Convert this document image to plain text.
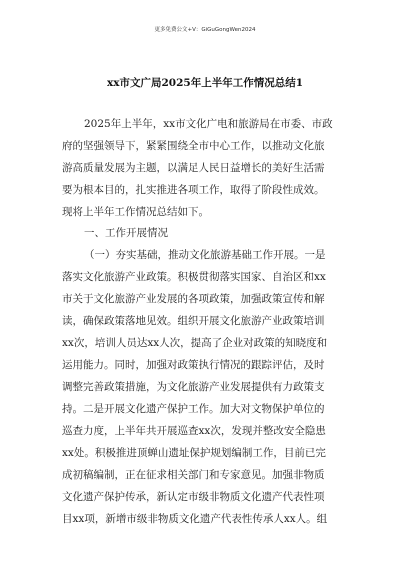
更多免费公文+V：GiGuGongWen2024
xx市文广局2025年上半年工作情况总结1
2025年上半年，xx市文化广电和旅游局在市委、市政
府的坚强领导下，紧紧围绕全市中心工作，以推动文化旅
游高质量发展为主题，以满足人民日益增长的美好生活需
要为根本目的，扎实推进各项工作，取得了阶段性成效。
现将上半年工作情况总结如下。
一、工作开展情况
（一）夯实基础，推动文化旅游基础工作开展。一是
落实文化旅游产业政策。积极贯彻落实国家、自治区和xx
市关于文化旅游产业发展的各项政策，加强政策宣传和解
读，确保政策落地见效。组织开展文化旅游产业政策培训
xx次，培训人员达xx人次，提高了企业对政策的知晓度和
运用能力。同时，加强对政策执行情况的跟踪评估，及时
调整完善政策措施，为文化旅游产业发展提供有力政策支
持。二是开展文化遗产保护工作。加大对文物保护单位的
巡查力度，上半年共开展巡查xx次，发现并整改安全隐患
xx处。积极推进顶蝉山遗址保护规划编制工作，目前已完
成初稿编制，正在征求相关部门和专家意见。加强非物质
文化遗产保护传承，新认定市级非物质文化遗产代表性项
目xx项，新增市级非物质文化遗产代表性传承人xx人。组
